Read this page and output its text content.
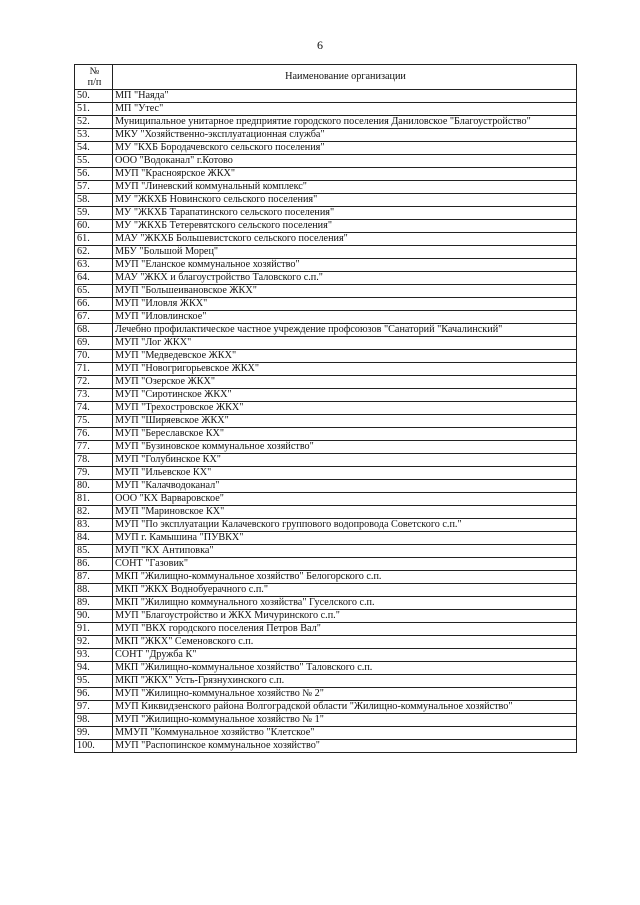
6
№
п/п	Наименование организации
50.	МП "Наяда"
51.	МП "Утес"
52.	Муниципальное унитарное предприятие городского поселения Даниловское "Благоустройство"
53.	МКУ "Хозяйственно-эксплуатационная служба"
54.	МУ "КХБ Бородачевского сельского поселения"
55.	ООО "Водоканал" г.Котово
56.	МУП "Красноярское ЖКХ"
57.	МУП "Линевский коммунальный комплекс"
58.	МУ "ЖКХБ Новинского сельского поселения"
59.	МУ "ЖКХБ Тарапатинского сельского поселения"
60.	МУ "ЖКХБ Тетеревятского сельского поселения"
61.	МАУ "ЖКХБ Большевистского сельского поселения"
62.	МБУ "Большой Морец"
63.	МУП "Еланское коммунальное хозяйство"
64.	МАУ "ЖКХ и благоустройство Таловского с.п."
65.	МУП "Большеивановское ЖКХ"
66.	МУП "Иловля ЖКХ"
67.	МУП "Иловлинское"
68.	Лечебно профилактическое частное учреждение профсоюзов "Санаторий "Качалинский"
69.	МУП "Лог ЖКХ"
70.	МУП "Медведевское ЖКХ"
71.	МУП "Новогригорьевское ЖКХ"
72.	МУП "Озерское ЖКХ"
73.	МУП "Сиротинское ЖКХ"
74.	МУП "Трехостровское ЖКХ"
75.	МУП "Ширяевское ЖКХ"
76.	МУП "Береславское КХ"
77.	МУП "Бузиновское коммунальное хозяйство"
78.	МУП "Голубинское КХ"
79.	МУП "Ильевское КХ"
80.	МУП "Калачводоканал"
81.	ООО "КХ Варваровское"
82.	МУП "Мариновское КХ"
83.	МУП "По эксплуатации Калачевского группового водопровода Советского с.п."
84.	МУП г. Камышина "ПУВКХ"
85.	МУП "КХ Антиповка"
86.	СОНТ "Газовик"
87.	МКП "Жилищно-коммунальное хозяйство" Белогорского с.п.
88.	МКП "ЖКХ Воднобуерачного с.п."
89.	МКП "Жилищно коммунального хозяйства" Гуселского с.п.
90.	МУП "Благоустройство и ЖКХ Мичуринского с.п."
91.	МУП "ВКХ городского поселения Петров Вал"
92.	МКП "ЖКХ" Семеновского с.п.
93.	СОНТ "Дружба К"
94.	МКП "Жилищно-коммунальное хозяйство" Таловского с.п.
95.	МКП "ЖКХ" Усть-Грязнухинского с.п.
96.	МУП "Жилищно-коммунальное хозяйство № 2"
97.	МУП Киквидзенского района Волгоградской области "Жилищно-коммунальное хозяйство"
98.	МУП "Жилищно-коммунальное хозяйство № 1"
99.	ММУП "Коммунальное хозяйство "Клетское"
100.	МУП "Распопинское коммунальное хозяйство"
